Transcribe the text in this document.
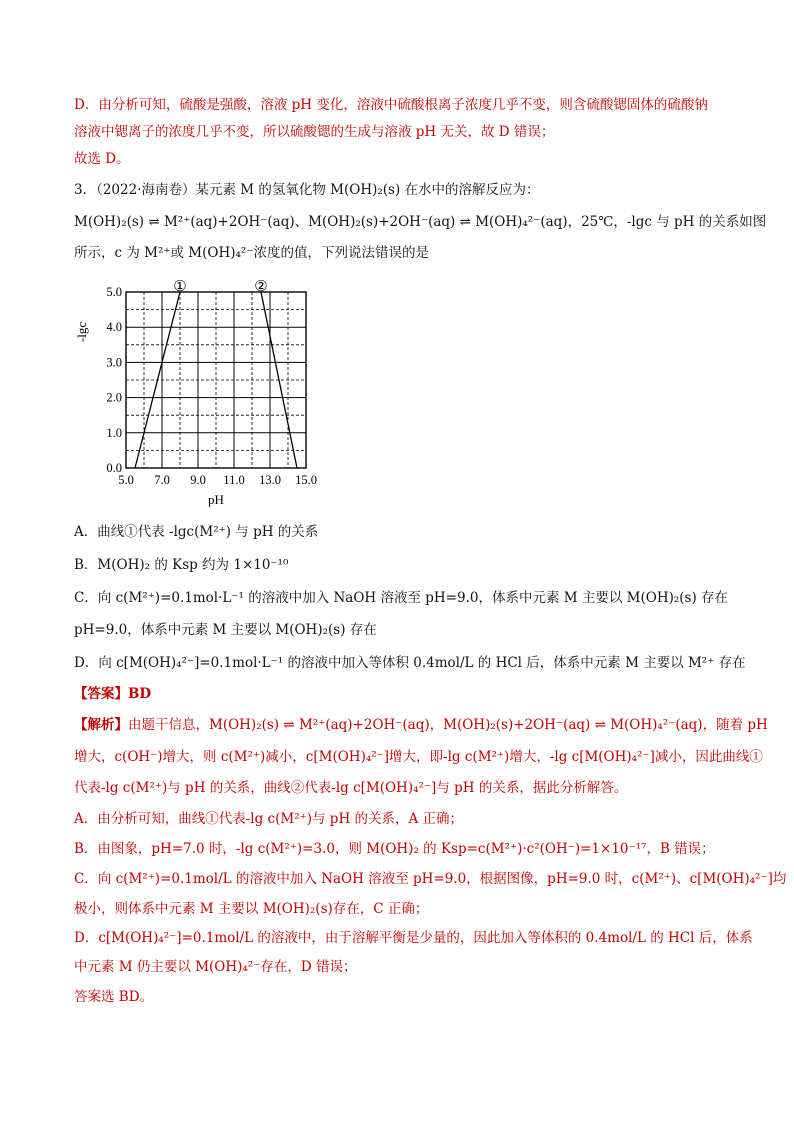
D．由分析可知，硫酸是强酸，溶液 pH 变化，溶液中硫酸根离子浓度几乎不变，则含硫酸锶固体的硫酸钠
溶液中锶离子的浓度几乎不变，所以硫酸锶的生成与溶液 pH 无关，故 D 错误；
故选 D。
3．（2022·海南卷）某元素 M 的氢氧化物 M(OH)₂(s) 在水中的溶解反应为：
M(OH)₂(s) ⇌ M²⁺(aq)+2OH⁻(aq)、M(OH)₂(s)+2OH⁻(aq) ⇌ M(OH)₄²⁻(aq)，25℃，-lgc 与 pH 的关系如图
所示，c 为 M²⁺或 M(OH)₄²⁻浓度的值，下列说法错误的是
5.0 7.0 9.0 11.0 13.0 15.0
0.0
1.0
2.0
3.0
4.0
5.0
pH
-lgc
①	②
A．曲线①代表 -lgc(M²⁺) 与 pH 的关系
B．M(OH)₂ 的 Ksp 约为 1×10⁻¹⁰
C．向 c(M²⁺)=0.1mol·L⁻¹ 的溶液中加入 NaOH 溶液至 pH=9.0，体系中元素 M 主要以 M(OH)₂(s) 存在
pH=9.0，体系中元素 M 主要以 M(OH)₂(s) 存在
D．向 c[M(OH)₄²⁻]=0.1mol·L⁻¹ 的溶液中加入等体积 0.4mol/L 的 HCl 后，体系中元素 M 主要以 M²⁺ 存在
【答案】BD
【解析】由题干信息，M(OH)₂(s) ⇌ M²⁺(aq)+2OH⁻(aq)，M(OH)₂(s)+2OH⁻(aq) ⇌ M(OH)₄²⁻(aq)，随着 pH
增大，c(OH⁻)增大，则 c(M²⁺)减小，c[M(OH)₄²⁻]增大，即-lg c(M²⁺)增大，-lg c[M(OH)₄²⁻]减小，因此曲线①
代表-lg c(M²⁺)与 pH 的关系，曲线②代表-lg c[M(OH)₄²⁻]与 pH 的关系，据此分析解答。
A．由分析可知，曲线①代表-lg c(M²⁺)与 pH 的关系，A 正确；
B．由图象，pH=7.0 时，-lg c(M²⁺)=3.0，则 M(OH)₂ 的 Ksp=c(M²⁺)·c²(OH⁻)=1×10⁻¹⁷，B 错误；
C．向 c(M²⁺)=0.1mol/L 的溶液中加入 NaOH 溶液至 pH=9.0，根据图像，pH=9.0 时，c(M²⁺)、c[M(OH)₄²⁻]均
极小，则体系中元素 M 主要以 M(OH)₂(s)存在，C 正确；
D．c[M(OH)₄²⁻]=0.1mol/L 的溶液中，由于溶解平衡是少量的，因此加入等体积的 0.4mol/L 的 HCl 后，体系
中元素 M 仍主要以 M(OH)₄²⁻存在，D 错误；
答案选 BD。
